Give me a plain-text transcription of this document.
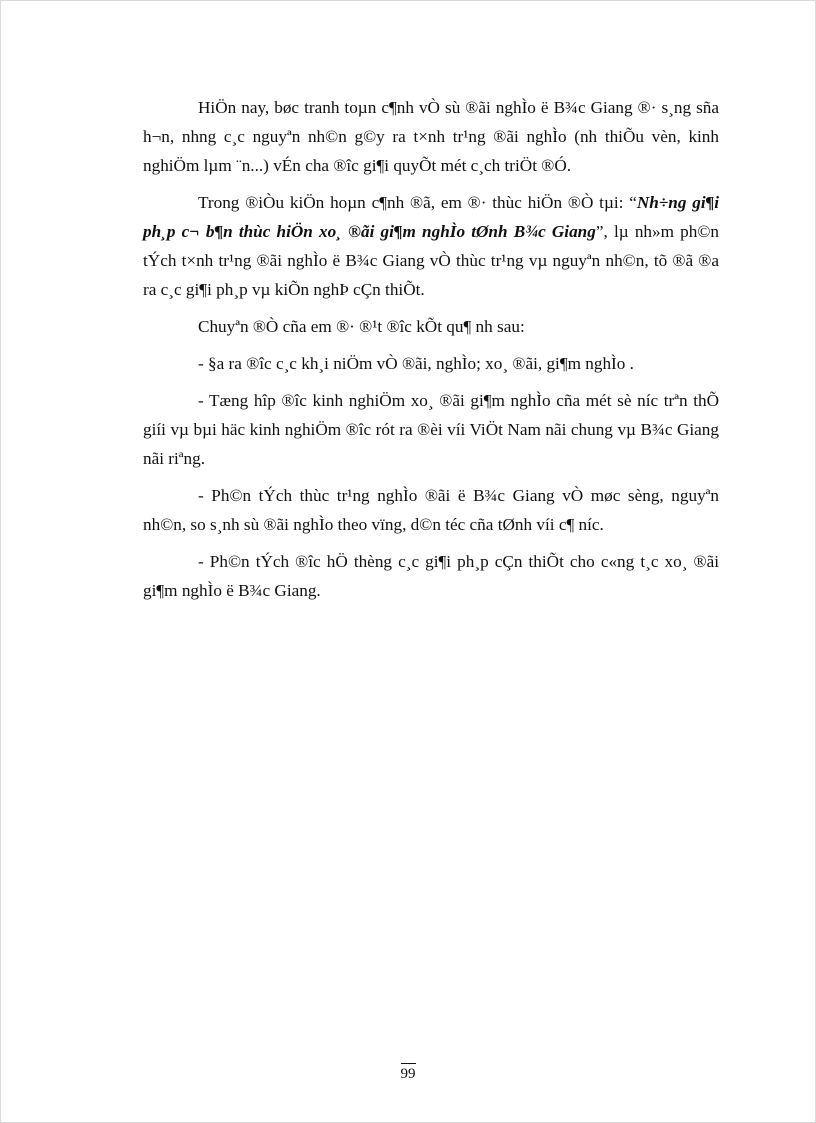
HiÖn nay, bøc tranh toµn c¶nh vÒ sù ®ãi nghÌo ë B¾c Giang ®· s¸ng sña h¬n, nhng c¸c nguyªn nh©n g©y ra t×nh tr¹ng ®ãi nghÌo (nh thiÕu vèn, kinh nghiÖm lµm ¨n...) vÉn cha ®îc gi¶i quyÕt mét c¸ch triÖt ®Ó.

Trong ®iÒu kiÖn hoµn c¶nh ®ã, em ®· thùc hiÖn ®Ò tµi: “Nh÷ng gi¶i ph¸p c¬ b¶n thùc hiÖn xo¸ ®ãi gi¶m nghÌo tØnh B¾c Giang”, lµ nh»m ph©n tÝch t×nh tr¹ng ®ãi nghÌo ë B¾c Giang vÒ thùc tr¹ng vµ nguyªn nh©n, tõ ®ã ®a ra c¸c gi¶i ph¸p vµ kiÕn nghÞ cÇn thiÕt.

Chuyªn ®Ò cña em ®· ®¹t ®îc kÕt qu¶ nh sau:

- §a ra ®îc c¸c kh¸i niÖm vÒ ®ãi, nghÌo; xo¸ ®ãi, gi¶m nghÌo .

- Tæng hîp ®îc kinh nghiÖm xo¸ ®ãi gi¶m nghÌo cña mét sè níc trªn thÕ giíi vµ bµi häc kinh nghiÖm ®îc rót ra ®èi víi ViÖt Nam nãi chung vµ B¾c Giang nãi riªng.

- Ph©n tÝch thùc tr¹ng nghÌo ®ãi ë B¾c Giang vÒ møc sèng, nguyªn nh©n, so s¸nh sù ®ãi nghÌo theo vïng, d©n téc cña tØnh víi c¶ níc.

- Ph©n tÝch ®îc hÖ thèng c¸c gi¶i ph¸p cÇn thiÕt cho c«ng t¸c xo¸ ®ãi gi¶m nghÌo ë B¾c Giang.

99
